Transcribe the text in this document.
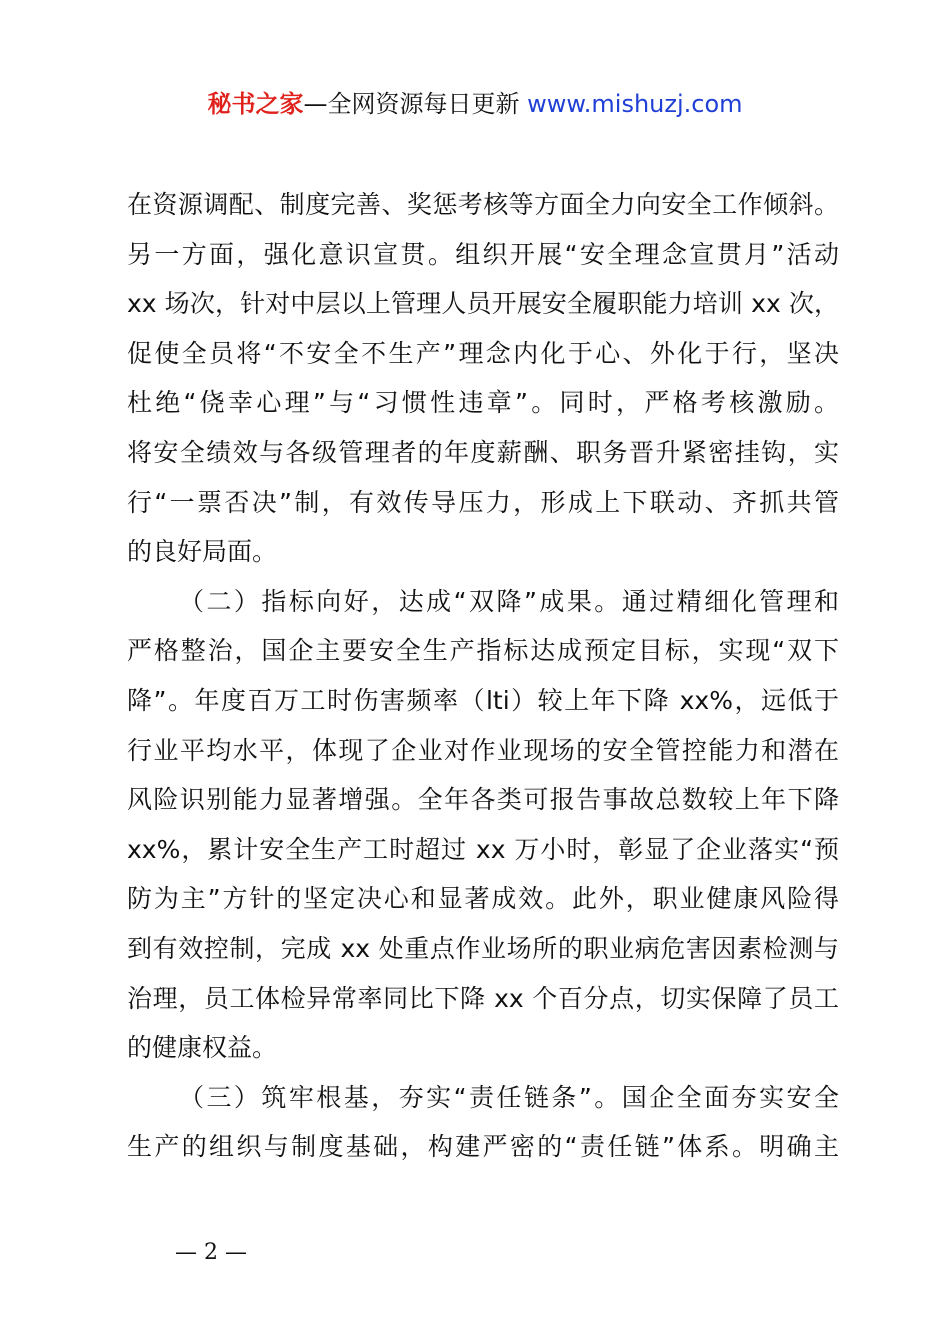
秘书之家—全网资源每日更新 www.mishuzj.com
在资源调配、制度完善、奖惩考核等方面全力向安全工作倾斜。
另一方面，强化意识宣贯。组织开展“安全理念宣贯月”活动
xx 场次，针对中层以上管理人员开展安全履职能力培训 xx 次，
促使全员将“不安全不生产”理念内化于心、外化于行，坚决
杜绝“侥幸心理”与“习惯性违章”。同时，严格考核激励。
将安全绩效与各级管理者的年度薪酬、职务晋升紧密挂钩，实
行“一票否决”制，有效传导压力，形成上下联动、齐抓共管
的良好局面。
（二）指标向好，达成“双降”成果。通过精细化管理和
严格整治，国企主要安全生产指标达成预定目标，实现“双下
降”。年度百万工时伤害频率（lti）较上年下降 xx%，远低于
行业平均水平，体现了企业对作业现场的安全管控能力和潜在
风险识别能力显著增强。全年各类可报告事故总数较上年下降
xx%，累计安全生产工时超过 xx 万小时，彰显了企业落实“预
防为主”方针的坚定决心和显著成效。此外，职业健康风险得
到有效控制，完成 xx 处重点作业场所的职业病危害因素检测与
治理，员工体检异常率同比下降 xx 个百分点，切实保障了员工
的健康权益。
（三）筑牢根基，夯实“责任链条”。国企全面夯实安全
生产的组织与制度基础，构建严密的“责任链”体系。明确主
— 2 —
